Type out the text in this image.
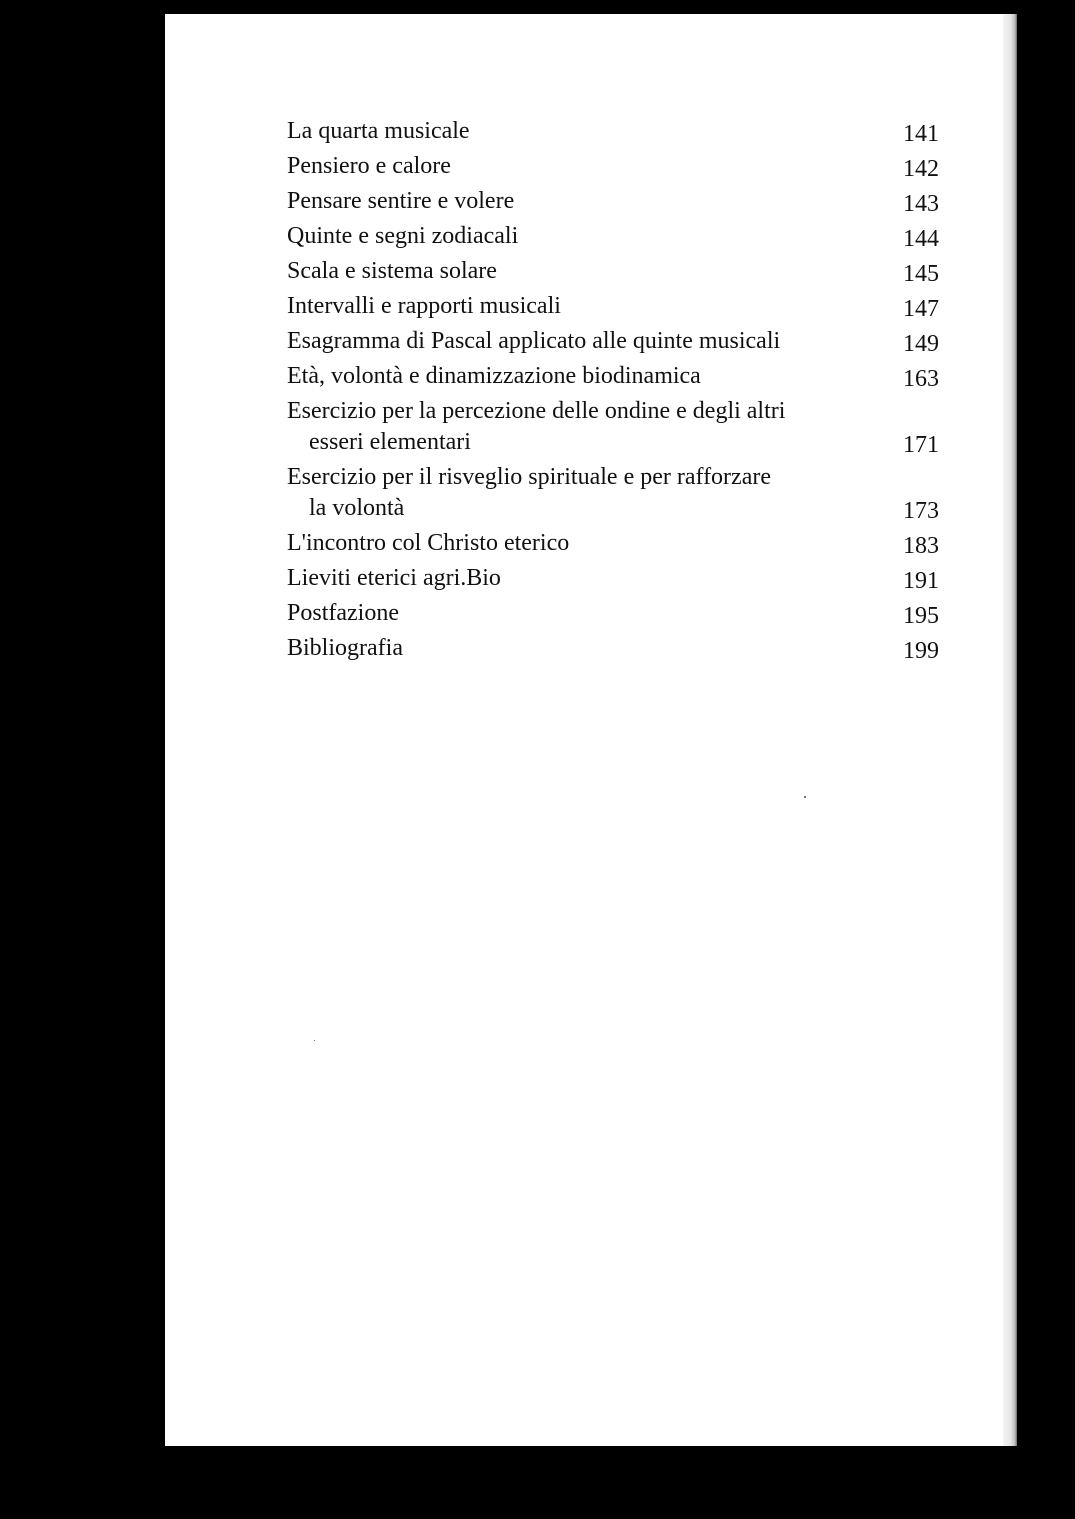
La quarta musicale	141
Pensiero e calore	142
Pensare sentire e volere	143
Quinte e segni zodiacali	144
Scala e sistema solare	145
Intervalli e rapporti musicali	147
Esagramma di Pascal applicato alle quinte musicali	149
Età, volontà e dinamizzazione biodinamica	163
Esercizio per la percezione delle ondine e degli altri
esseri elementari	171
Esercizio per il risveglio spirituale e per rafforzare
la volontà	173
L'incontro col Christo eterico	183
Lieviti eterici agri.Bio	191
Postfazione	195
Bibliografia	199
